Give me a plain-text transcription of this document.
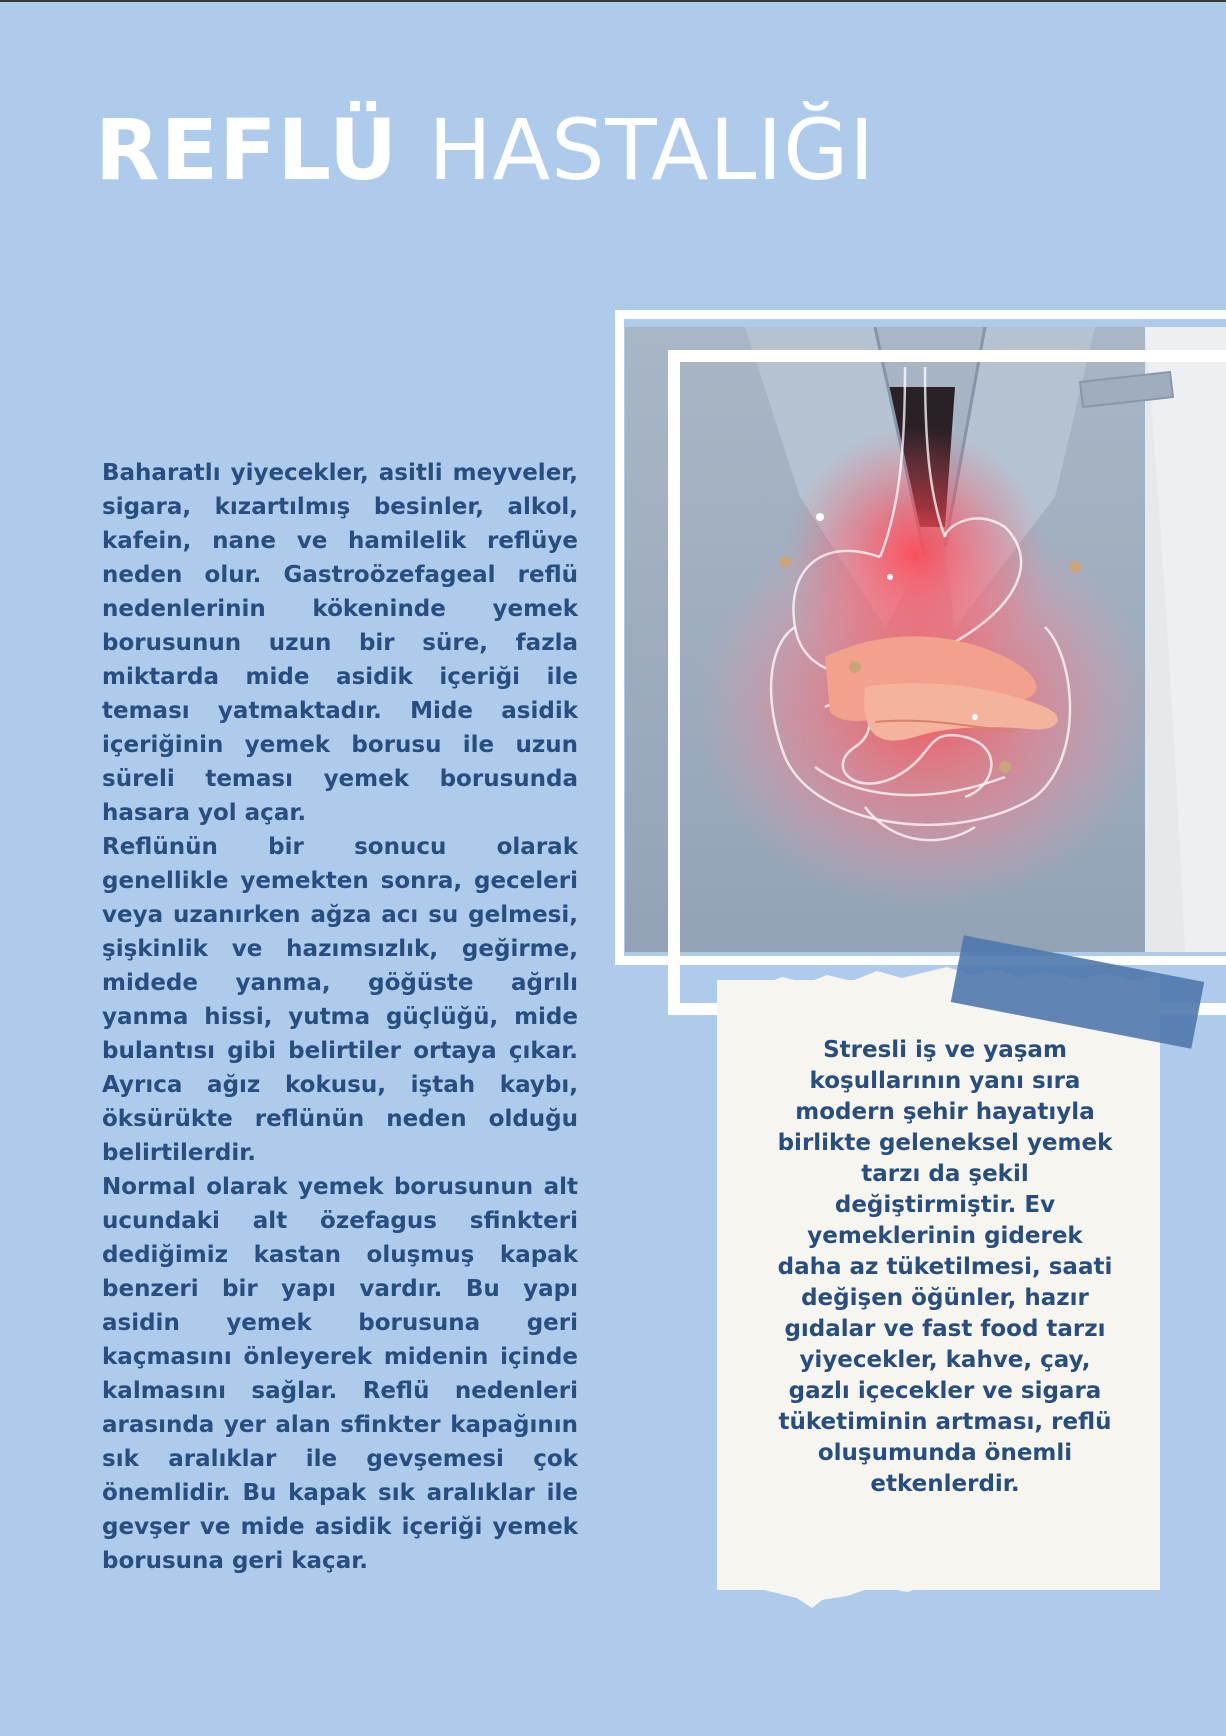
REFLÜ HASTALIĞI

Baharatlı yiyecekler, asitli meyveler, sigara, kızartılmış besinler, alkol, kafein, nane ve hamilelik reflüye neden olur. Gastroözefageal reflü nedenlerinin kökeninde yemek borusunun uzun bir süre, fazla miktarda mide asidik içeriği ile teması yatmaktadır. Mide asidik içeriğinin yemek borusu ile uzun süreli teması yemek borusunda hasara yol açar.

Reflünün bir sonucu olarak genellikle yemekten sonra, geceleri veya uzanırken ağza acı su gelmesi, şişkinlik ve hazımsızlık, geğirme, midede yanma, göğüste ağrılı yanma hissi, yutma güçlüğü, mide bulantısı gibi belirtiler ortaya çıkar. Ayrıca ağız kokusu, iştah kaybı, öksürükte reflünün neden olduğu belirtilerdir.

Normal olarak yemek borusunun alt ucundaki alt özefagus sfinkteri dediğimiz kastan oluşmuş kapak benzeri bir yapı vardır. Bu yapı asidin yemek borusuna geri kaçmasını önleyerek midenin içinde kalmasını sağlar. Reflü nedenleri arasında yer alan sfinkter kapağının sık aralıklar ile gevşemesi çok önemlidir. Bu kapak sık aralıklar ile gevşer ve mide asidik içeriği yemek borusuna geri kaçar.

Stresli iş ve yaşam koşullarının yanı sıra modern şehir hayatıyla birlikte geleneksel yemek tarzı da şekil değiştirmiştir. Ev yemeklerinin giderek daha az tüketilmesi, saati değişen öğünler, hazır gıdalar ve fast food tarzı yiyecekler, kahve, çay, gazlı içecekler ve sigara tüketiminin artması, reflü oluşumunda önemli etkenlerdir.
